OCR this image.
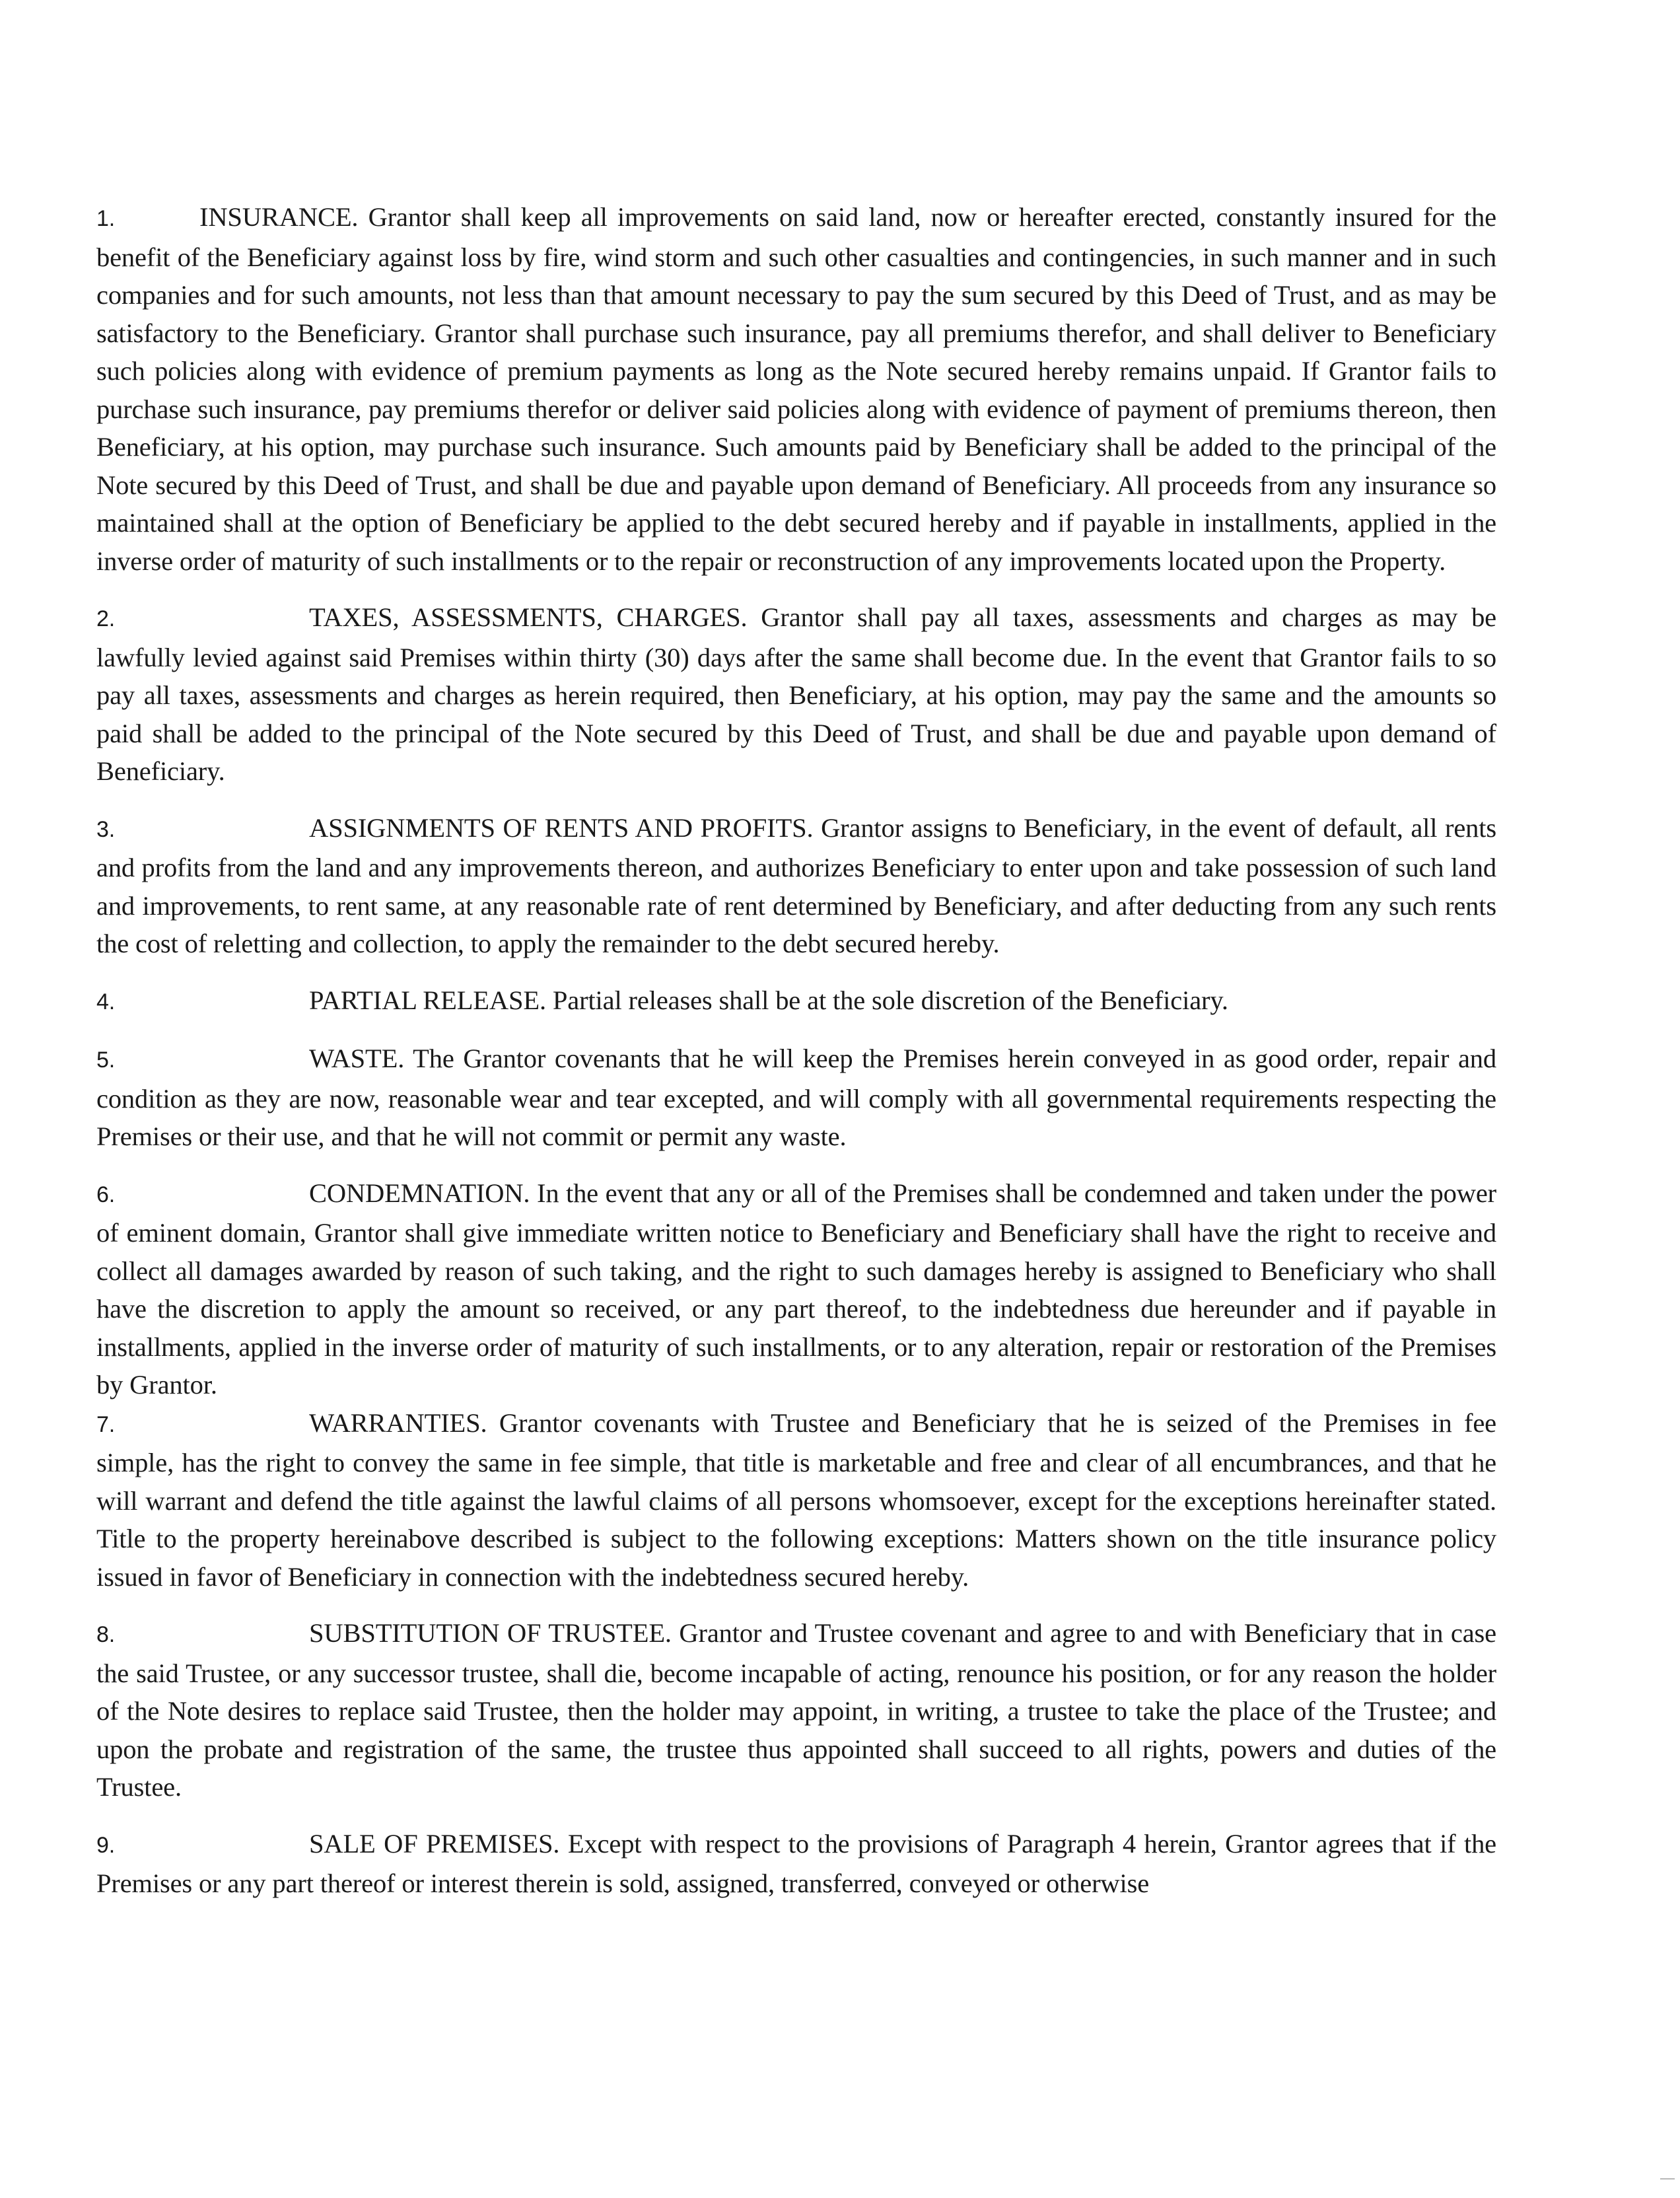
1.	INSURANCE. Grantor shall keep all improvements on said land, now or hereafter erected, constantly insured for the benefit of the Beneficiary against loss by fire, wind storm and such other casualties and contingencies, in such manner and in such companies and for such amounts, not less than that amount necessary to pay the sum secured by this Deed of Trust, and as may be satisfactory to the Beneficiary. Grantor shall purchase such insurance, pay all premiums therefor, and shall deliver to Beneficiary such policies along with evidence of premium payments as long as the Note secured hereby remains unpaid. If Grantor fails to purchase such insurance, pay premiums therefor or deliver said policies along with evidence of payment of premiums thereon, then Beneficiary, at his option, may purchase such insurance. Such amounts paid by Beneficiary shall be added to the principal of the Note secured by this Deed of Trust, and shall be due and payable upon demand of Beneficiary. All proceeds from any insurance so maintained shall at the option of Beneficiary be applied to the debt secured hereby and if payable in installments, applied in the inverse order of maturity of such installments or to the repair or reconstruction of any improvements located upon the Property.

2.	TAXES, ASSESSMENTS, CHARGES. Grantor shall pay all taxes, assessments and charges as may be lawfully levied against said Premises within thirty (30) days after the same shall become due. In the event that Grantor fails to so pay all taxes, assessments and charges as herein required, then Beneficiary, at his option, may pay the same and the amounts so paid shall be added to the principal of the Note secured by this Deed of Trust, and shall be due and payable upon demand of Beneficiary.

3.	ASSIGNMENTS OF RENTS AND PROFITS. Grantor assigns to Beneficiary, in the event of default, all rents and profits from the land and any improvements thereon, and authorizes Beneficiary to enter upon and take possession of such land and improvements, to rent same, at any reasonable rate of rent determined by Beneficiary, and after deducting from any such rents the cost of reletting and collection, to apply the remainder to the debt secured hereby.

4.	PARTIAL RELEASE. Partial releases shall be at the sole discretion of the Beneficiary.

5.	WASTE. The Grantor covenants that he will keep the Premises herein conveyed in as good order, repair and condition as they are now, reasonable wear and tear excepted, and will comply with all governmental requirements respecting the Premises or their use, and that he will not commit or permit any waste.

6.	CONDEMNATION. In the event that any or all of the Premises shall be condemned and taken under the power of eminent domain, Grantor shall give immediate written notice to Beneficiary and Beneficiary shall have the right to receive and collect all damages awarded by reason of such taking, and the right to such damages hereby is assigned to Beneficiary who shall have the discretion to apply the amount so received, or any part thereof, to the indebtedness due hereunder and if payable in installments, applied in the inverse order of maturity of such installments, or to any alteration, repair or restoration of the Premises by Grantor.

7.	WARRANTIES. Grantor covenants with Trustee and Beneficiary that he is seized of the Premises in fee simple, has the right to convey the same in fee simple, that title is marketable and free and clear of all encumbrances, and that he will warrant and defend the title against the lawful claims of all persons whomsoever, except for the exceptions hereinafter stated. Title to the property hereinabove described is subject to the following exceptions: Matters shown on the title insurance policy issued in favor of Beneficiary in connection with the indebtedness secured hereby.

8.	SUBSTITUTION OF TRUSTEE. Grantor and Trustee covenant and agree to and with Beneficiary that in case the said Trustee, or any successor trustee, shall die, become incapable of acting, renounce his position, or for any reason the holder of the Note desires to replace said Trustee, then the holder may appoint, in writing, a trustee to take the place of the Trustee; and upon the probate and registration of the same, the trustee thus appointed shall succeed to all rights, powers and duties of the Trustee.

9.	SALE OF PREMISES. Except with respect to the provisions of Paragraph 4 herein, Grantor agrees that if the Premises or any part thereof or interest therein is sold, assigned, transferred, conveyed or otherwise
